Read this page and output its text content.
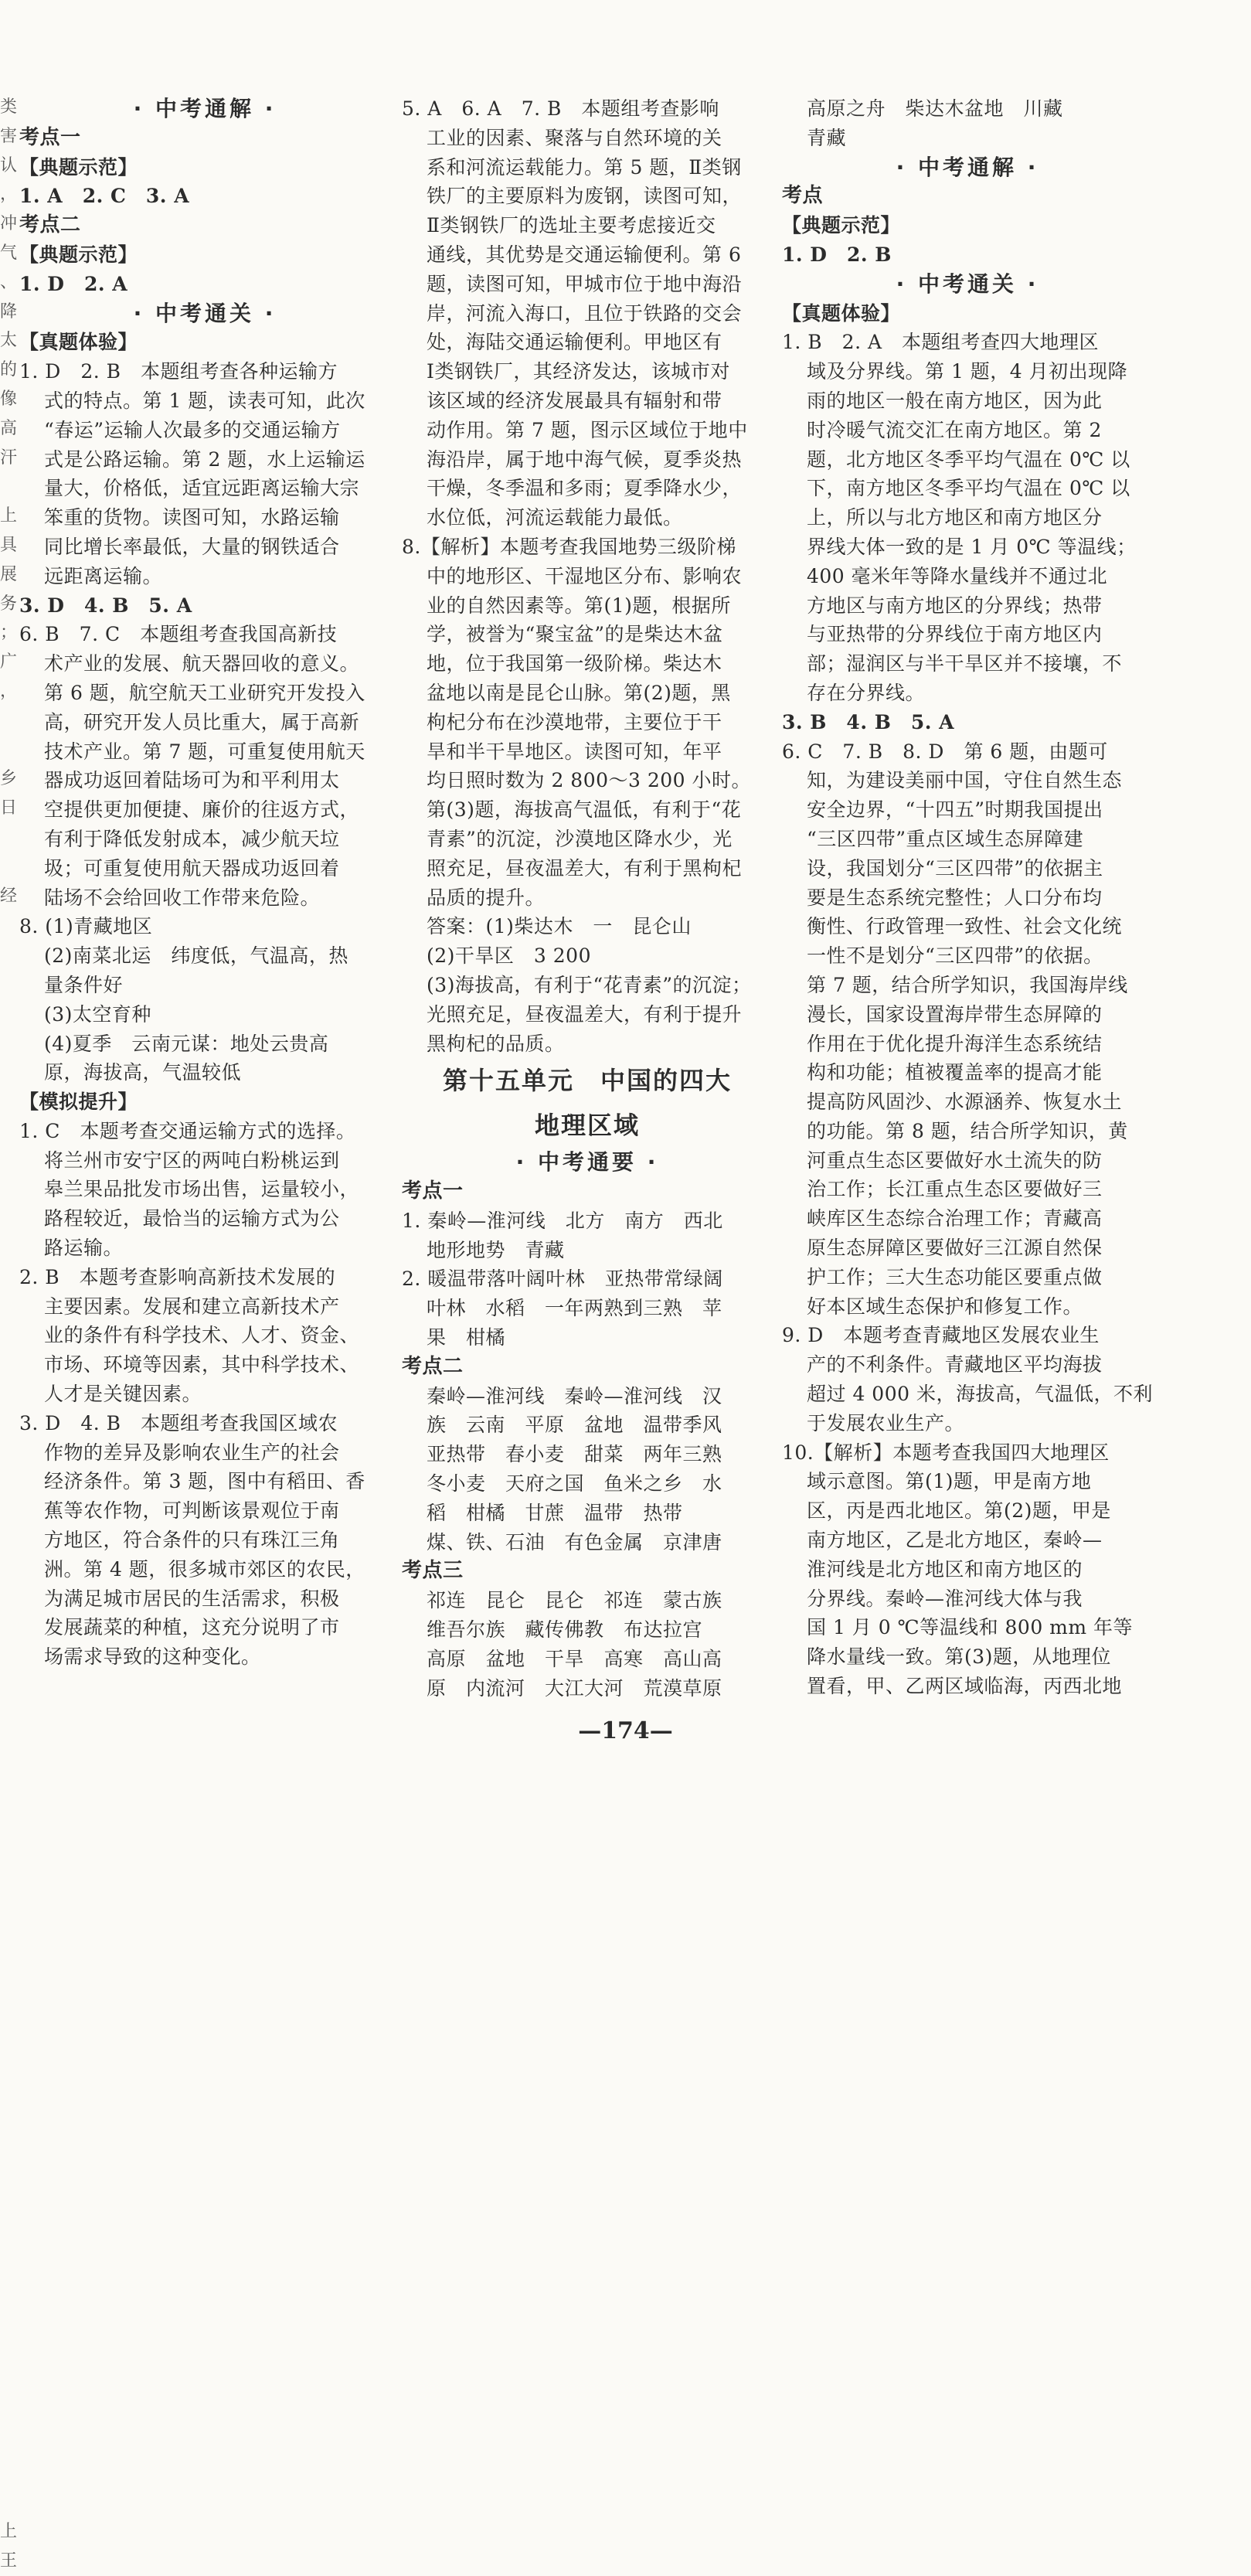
类
害
认
，
冲
气
、
降
太
的
像
高
汗
上
具
展
务
；
广
，
乡
日
经
上
王
· 中考通解 ·
考点一
【典题示范】
1. A　2. C　3. A
考点二
【典题示范】
1. D　2. A
· 中考通关 ·
【真题体验】
1. D　2. B　本题组考查各种运输方
式的特点。第 1 题，读表可知，此次
“春运”运输人次最多的交通运输方
式是公路运输。第 2 题，水上运输运
量大，价格低，适宜远距离运输大宗
笨重的货物。读图可知，水路运输
同比增长率最低，大量的钢铁适合
远距离运输。
3. D　4. B　5. A
6. B　7. C　本题组考查我国高新技
术产业的发展、航天器回收的意义。
第 6 题，航空航天工业研究开发投入
高，研究开发人员比重大，属于高新
技术产业。第 7 题，可重复使用航天
器成功返回着陆场可为和平利用太
空提供更加便捷、廉价的往返方式，
有利于降低发射成本，减少航天垃
圾；可重复使用航天器成功返回着
陆场不会给回收工作带来危险。
8. (1)青藏地区
(2)南菜北运　纬度低，气温高，热
量条件好
(3)太空育种
(4)夏季　云南元谋：地处云贵高
原，海拔高，气温较低
【模拟提升】
1. C　本题考查交通运输方式的选择。
将兰州市安宁区的两吨白粉桃运到
皋兰果品批发市场出售，运量较小，
路程较近，最恰当的运输方式为公
路运输。
2. B　本题考查影响高新技术发展的
主要因素。发展和建立高新技术产
业的条件有科学技术、人才、资金、
市场、环境等因素，其中科学技术、
人才是关键因素。
3. D　4. B　本题组考查我国区域农
作物的差异及影响农业生产的社会
经济条件。第 3 题，图中有稻田、香
蕉等农作物，可判断该景观位于南
方地区，符合条件的只有珠江三角
洲。第 4 题，很多城市郊区的农民，
为满足城市居民的生活需求，积极
发展蔬菜的种植，这充分说明了市
场需求导致的这种变化。
5. A　6. A　7. B　本题组考查影响
工业的因素、聚落与自然环境的关
系和河流运载能力。第 5 题，Ⅱ类钢
铁厂的主要原料为废钢，读图可知，
Ⅱ类钢铁厂的选址主要考虑接近交
通线，其优势是交通运输便利。第 6
题，读图可知，甲城市位于地中海沿
岸，河流入海口，且位于铁路的交会
处，海陆交通运输便利。甲地区有
Ⅰ类钢铁厂，其经济发达，该城市对
该区域的经济发展最具有辐射和带
动作用。第 7 题，图示区域位于地中
海沿岸，属于地中海气候，夏季炎热
干燥，冬季温和多雨；夏季降水少，
水位低，河流运载能力最低。
8.【解析】本题考查我国地势三级阶梯
中的地形区、干湿地区分布、影响农
业的自然因素等。第(1)题，根据所
学，被誉为“聚宝盆”的是柴达木盆
地，位于我国第一级阶梯。柴达木
盆地以南是昆仑山脉。第(2)题，黑
枸杞分布在沙漠地带，主要位于干
旱和半干旱地区。读图可知，年平
均日照时数为 2 800～3 200 小时。
第(3)题，海拔高气温低，有利于“花
青素”的沉淀，沙漠地区降水少，光
照充足，昼夜温差大，有利于黑枸杞
品质的提升。
答案：(1)柴达木　一　昆仑山
(2)干旱区　3 200
(3)海拔高，有利于“花青素”的沉淀；
光照充足，昼夜温差大，有利于提升
黑枸杞的品质。
第十五单元　中国的四大
地理区域
· 中考通要 ·
考点一
1. 秦岭—淮河线　北方　南方　西北
地形地势　青藏
2. 暖温带落叶阔叶林　亚热带常绿阔
叶林　水稻　一年两熟到三熟　苹
果　柑橘
考点二
秦岭—淮河线　秦岭—淮河线　汉
族　云南　平原　盆地　温带季风
亚热带　春小麦　甜菜　两年三熟
冬小麦　天府之国　鱼米之乡　水
稻　柑橘　甘蔗　温带　热带
煤、铁、石油　有色金属　京津唐
考点三
祁连　昆仑　昆仑　祁连　蒙古族
维吾尔族　藏传佛教　布达拉宫
高原　盆地　干旱　高寒　高山高
原　内流河　大江大河　荒漠草原
高原之舟　柴达木盆地　川藏
青藏
· 中考通解 ·
考点
【典题示范】
1. D　2. B
· 中考通关 ·
【真题体验】
1. B　2. A　本题组考查四大地理区
域及分界线。第 1 题，4 月初出现降
雨的地区一般在南方地区，因为此
时冷暖气流交汇在南方地区。第 2
题，北方地区冬季平均气温在 0℃ 以
下，南方地区冬季平均气温在 0℃ 以
上，所以与北方地区和南方地区分
界线大体一致的是 1 月 0℃ 等温线；
400 毫米年等降水量线并不通过北
方地区与南方地区的分界线；热带
与亚热带的分界线位于南方地区内
部；湿润区与半干旱区并不接壤，不
存在分界线。
3. B　4. B　5. A
6. C　7. B　8. D　第 6 题，由题可
知，为建设美丽中国，守住自然生态
安全边界，“十四五”时期我国提出
“三区四带”重点区域生态屏障建
设，我国划分“三区四带”的依据主
要是生态系统完整性；人口分布均
衡性、行政管理一致性、社会文化统
一性不是划分“三区四带”的依据。
第 7 题，结合所学知识，我国海岸线
漫长，国家设置海岸带生态屏障的
作用在于优化提升海洋生态系统结
构和功能；植被覆盖率的提高才能
提高防风固沙、水源涵养、恢复水土
的功能。第 8 题，结合所学知识，黄
河重点生态区要做好水土流失的防
治工作；长江重点生态区要做好三
峡库区生态综合治理工作；青藏高
原生态屏障区要做好三江源自然保
护工作；三大生态功能区要重点做
好本区域生态保护和修复工作。
9. D　本题考查青藏地区发展农业生
产的不利条件。青藏地区平均海拔
超过 4 000 米，海拔高，气温低，不利
于发展农业生产。
10.【解析】本题考查我国四大地理区
域示意图。第(1)题，甲是南方地
区，丙是西北地区。第(2)题，甲是
南方地区，乙是北方地区，秦岭—
淮河线是北方地区和南方地区的
分界线。秦岭—淮河线大体与我
国 1 月 0 ℃等温线和 800 mm 年等
降水量线一致。第(3)题，从地理位
置看，甲、乙两区域临海，丙西北地
—174—
